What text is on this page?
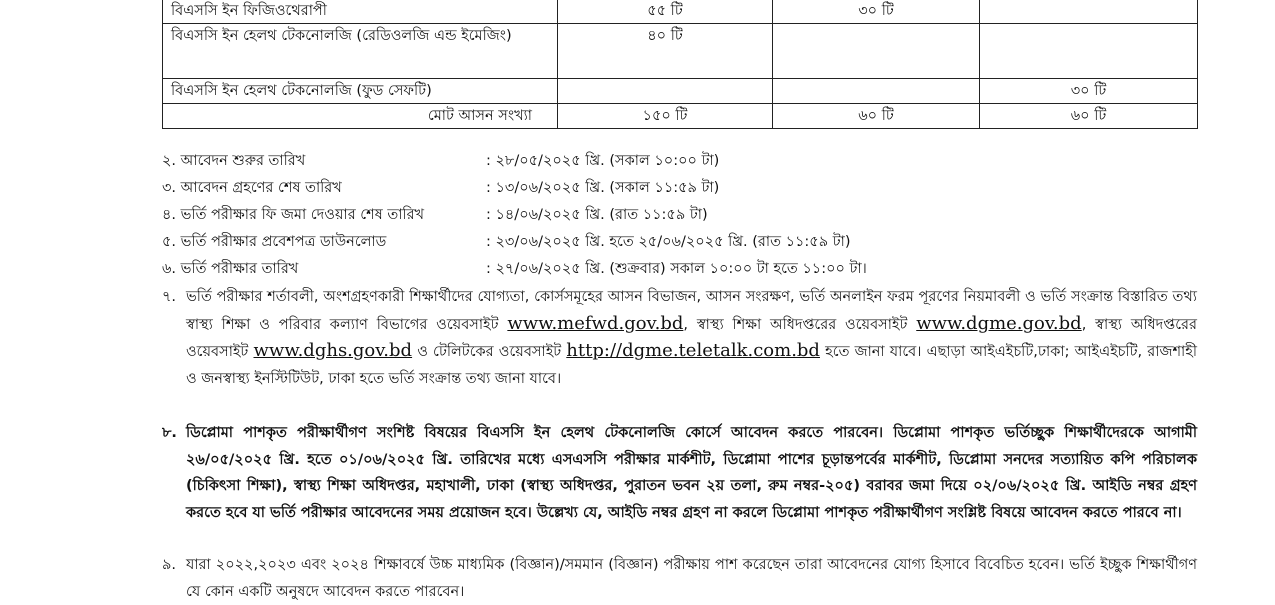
বিএসসি ইন ফিজিওথেরাপী	৫৫ টি	৩০ টি	
বিএসসি ইন হেলথ টেকনোলজি (রেডিওলজি এন্ড ইমেজিং)	৪০ টি		
বিএসসি ইন হেলথ টেকনোলজি (ফুড সেফটি)			৩০ টি
মোট আসন সংখ্যা	১৫০ টি	৬০ টি	৬০ টি
২. আবেদন শুরুর তারিখ	: ২৮/০৫/২০২৫ খ্রি. (সকাল ১০:০০ টা)
৩. আবেদন গ্রহণের শেষ তারিখ	: ১৩/০৬/২০২৫ খ্রি. (সকাল ১১:৫৯ টা)
৪. ভর্তি পরীক্ষার ফি জমা দেওয়ার শেষ তারিখ	: ১৪/০৬/২০২৫ খ্রি. (রাত ১১:৫৯ টা)
৫. ভর্তি পরীক্ষার প্রবেশপত্র ডাউনলোড	: ২৩/০৬/২০২৫ খ্রি. হতে ২৫/০৬/২০২৫ খ্রি. (রাত ১১:৫৯ টা)
৬. ভর্তি পরীক্ষার তারিখ	: ২৭/০৬/২০২৫ খ্রি. (শুক্রবার) সকাল ১০:০০ টা হতে ১১:০০ টা।
৭. ভর্তি পরীক্ষার শর্তাবলী, অংশগ্রহণকারী শিক্ষার্থীদের যোগ্যতা, কোর্সসমূহের আসন বিভাজন, আসন সংরক্ষণ, ভর্তি অনলাইন ফরম পূরণের নিয়মাবলী ও ভর্তি সংক্রান্ত বিস্তারিত তথ্য স্বাস্থ্য শিক্ষা ও পরিবার কল্যাণ বিভাগের ওয়েবসাইট www.mefwd.gov.bd, স্বাস্থ্য শিক্ষা অধিদপ্তরের ওয়েবসাইট www.dgme.gov.bd, স্বাস্থ্য অধিদপ্তরের ওয়েবসাইট www.dghs.gov.bd ও টেলিটকের ওয়েবসাইট http://dgme.teletalk.com.bd হতে জানা যাবে। এছাড়া আইএইচটি,ঢাকা; আইএইচটি, রাজশাহী ও জনস্বাস্থ্য ইনস্টিটিউট, ঢাকা হতে ভর্তি সংক্রান্ত তথ্য জানা যাবে।
৮. ডিপ্লোমা পাশকৃত পরীক্ষার্থীগণ সংশিষ্ট বিষয়ের বিএসসি ইন হেলথ টেকনোলজি কোর্সে আবেদন করতে পারবেন। ডিপ্লোমা পাশকৃত ভর্তিচ্ছুক শিক্ষার্থীদেরকে আগামী ২৬/০৫/২০২৫ খ্রি. হতে ০১/০৬/২০২৫ খ্রি. তারিখের মধ্যে এসএসসি পরীক্ষার মার্কশীট, ডিপ্লোমা পাশের চূড়ান্তপর্বের মার্কশীট, ডিপ্লোমা সনদের সত্যায়িত কপি পরিচালক (চিকিৎসা শিক্ষা), স্বাস্থ্য শিক্ষা অধিদপ্তর, মহাখালী, ঢাকা (স্বাস্থ্য অধিদপ্তর, পুরাতন ভবন ২য় তলা, রুম নম্বর-২০৫) বরাবর জমা দিয়ে ০২/০৬/২০২৫ খ্রি. আইডি নম্বর গ্রহণ করতে হবে যা ভর্তি পরীক্ষার আবেদনের সময় প্রয়োজন হবে। উল্লেখ্য যে, আইডি নম্বর গ্রহণ না করলে ডিপ্লোমা পাশকৃত পরীক্ষার্থীগণ সংশ্লিষ্ট বিষয়ে আবেদন করতে পারবে না।
৯. যারা ২০২২,২০২৩ এবং ২০২৪ শিক্ষাবর্ষে উচ্চ মাধ্যমিক (বিজ্ঞান)/সমমান (বিজ্ঞান) পরীক্ষায় পাশ করেছেন তারা আবেদনের যোগ্য হিসাবে বিবেচিত হবেন। ভর্তি ইচ্ছুক শিক্ষার্থীগণ যে কোন একটি অনুষদে আবেদন করতে পারবেন।
